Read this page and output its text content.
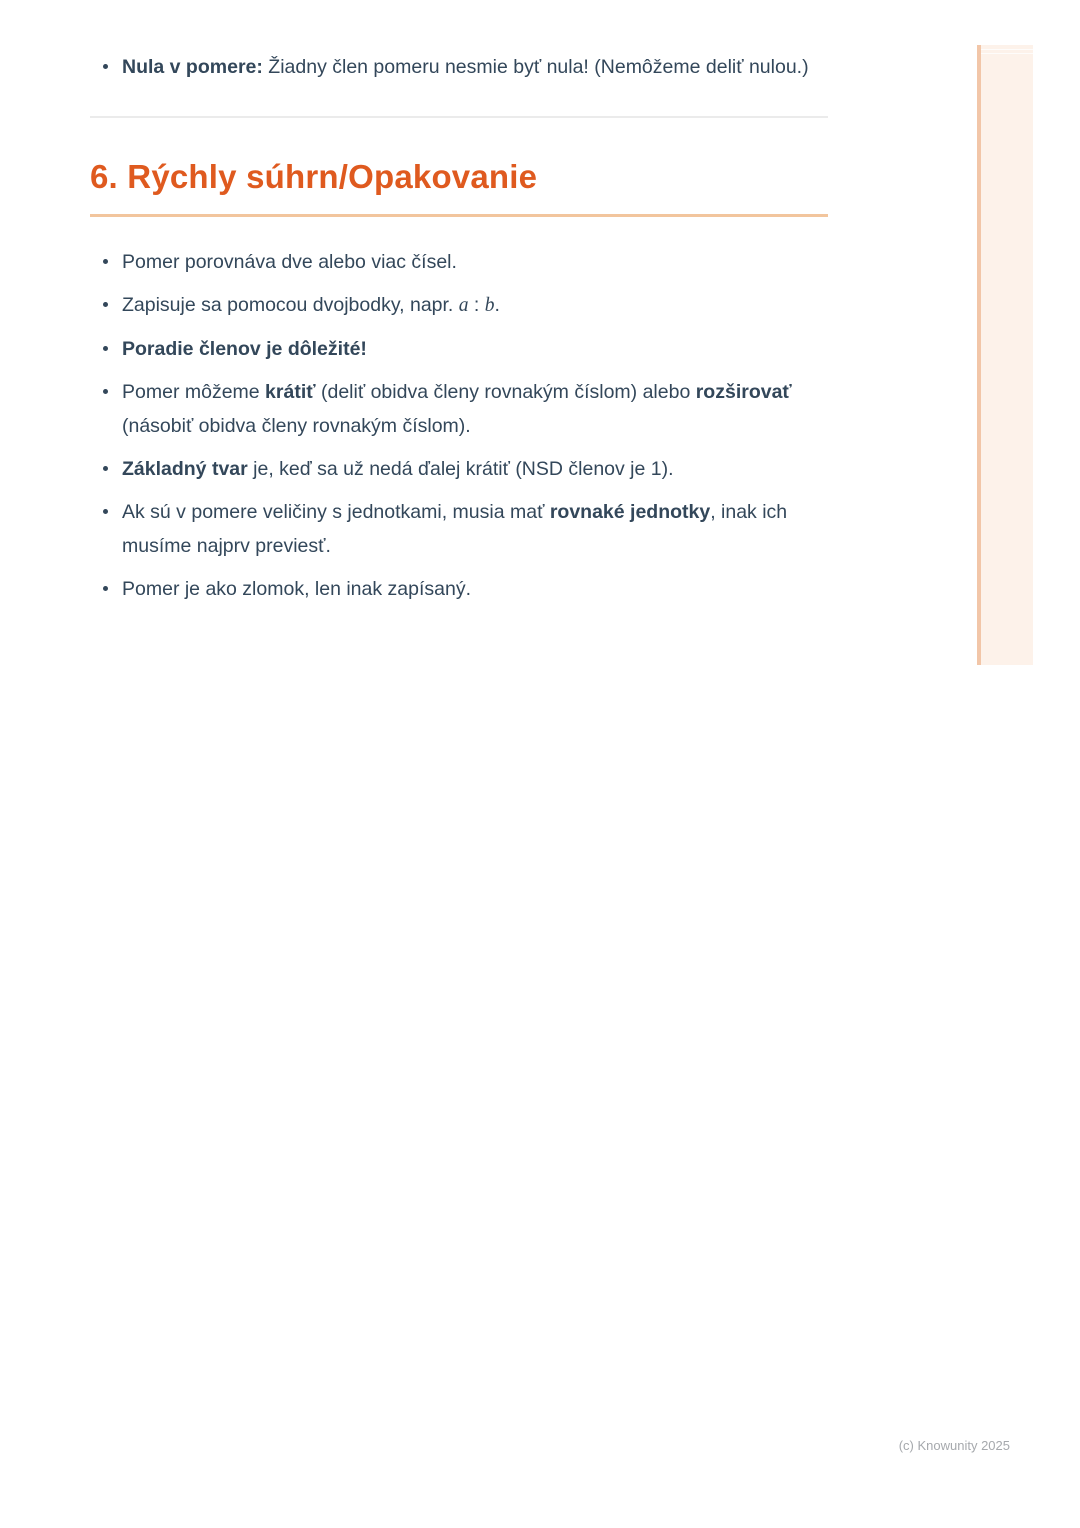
Nula v pomere: Žiadny člen pomeru nesmie byť nula! (Nemôžeme deliť nulou.)
6. Rýchly súhrn/Opakovanie
Pomer porovnáva dve alebo viac čísel.
Zapisuje sa pomocou dvojbodky, napr. a : b.
Poradie členov je dôležité!
Pomer môžeme krátiť (deliť obidva členy rovnakým číslom) alebo rozširovať (násobiť obidva členy rovnakým číslom).
Základný tvar je, keď sa už nedá ďalej krátiť (NSD členov je 1).
Ak sú v pomere veličiny s jednotkami, musia mať rovnaké jednotky, inak ich musíme najprv previesť.
Pomer je ako zlomok, len inak zapísaný.
(c) Knowunity 2025
